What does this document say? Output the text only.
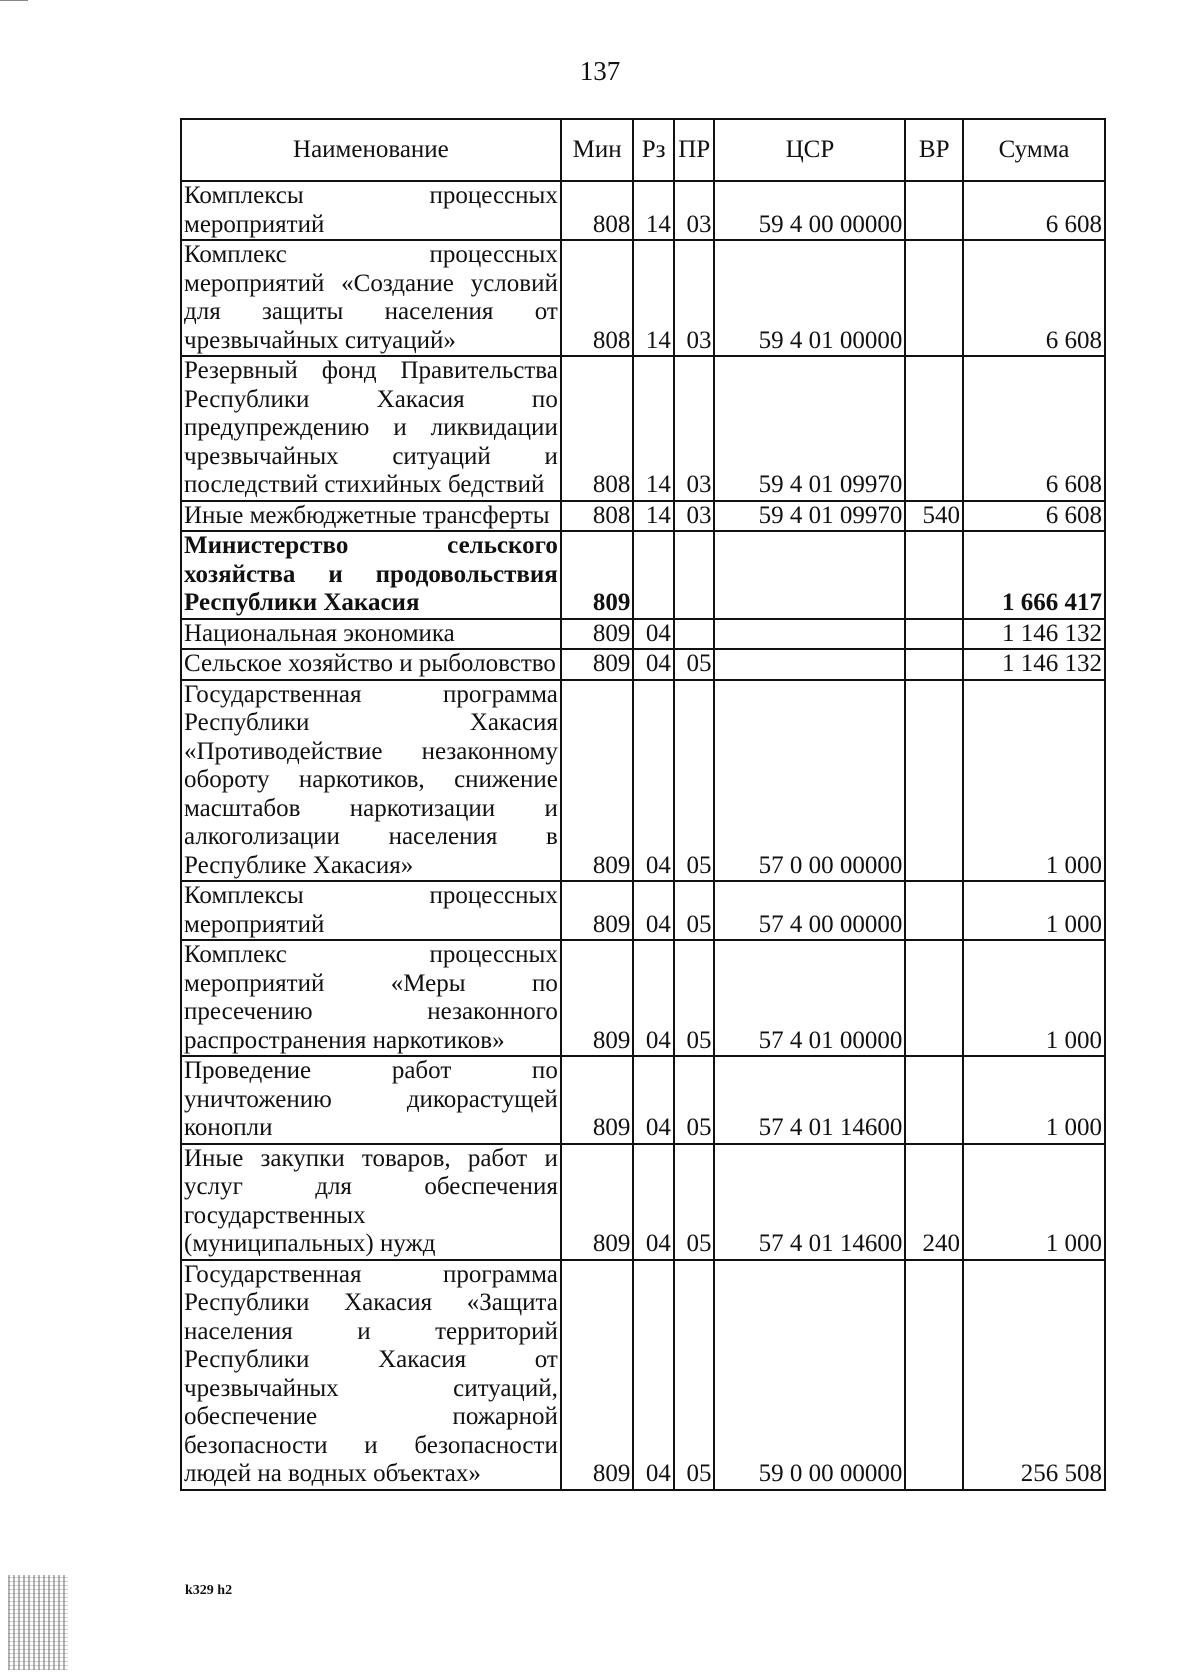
137
Наименование	Мин	Рз	ПР	ЦСР	ВР	Сумма
Комплексы процессных мероприятий	808	14	03	59 4 00 00000		6 608
Комплекс процессных мероприятий «Создание условий для защиты населения от чрезвычайных ситуаций»	808	14	03	59 4 01 00000		6 608
Резервный фонд Правительства Республики Хакасия по предупреждению и ликвидации чрезвычайных ситуаций и последствий стихийных бедствий	808	14	03	59 4 01 09970		6 608
Иные межбюджетные трансферты	808	14	03	59 4 01 09970	540	6 608
Министерство сельского хозяйства и продовольствия Республики Хакасия	809					1 666 417
Национальная экономика	809	04				1 146 132
Сельское хозяйство и рыболовство	809	04	05			1 146 132
Государственная программа Республики Хакасия «Противодействие незаконному обороту наркотиков, снижение масштабов наркотизации и алкоголизации населения в Республике Хакасия»	809	04	05	57 0 00 00000		1 000
Комплексы процессных мероприятий	809	04	05	57 4 00 00000		1 000
Комплекс процессных мероприятий «Меры по пресечению незаконного распространения наркотиков»	809	04	05	57 4 01 00000		1 000
Проведение работ по уничтожению дикорастущей конопли	809	04	05	57 4 01 14600		1 000
Иные закупки товаров, работ и услуг для обеспечения государственных (муниципальных) нужд	809	04	05	57 4 01 14600	240	1 000
Государственная программа Республики Хакасия «Защита населения и территорий Республики Хакасия от чрезвычайных ситуаций, обеспечение пожарной безопасности и безопасности людей на водных объектах»	809	04	05	59 0 00 00000		256 508
k329 h2
